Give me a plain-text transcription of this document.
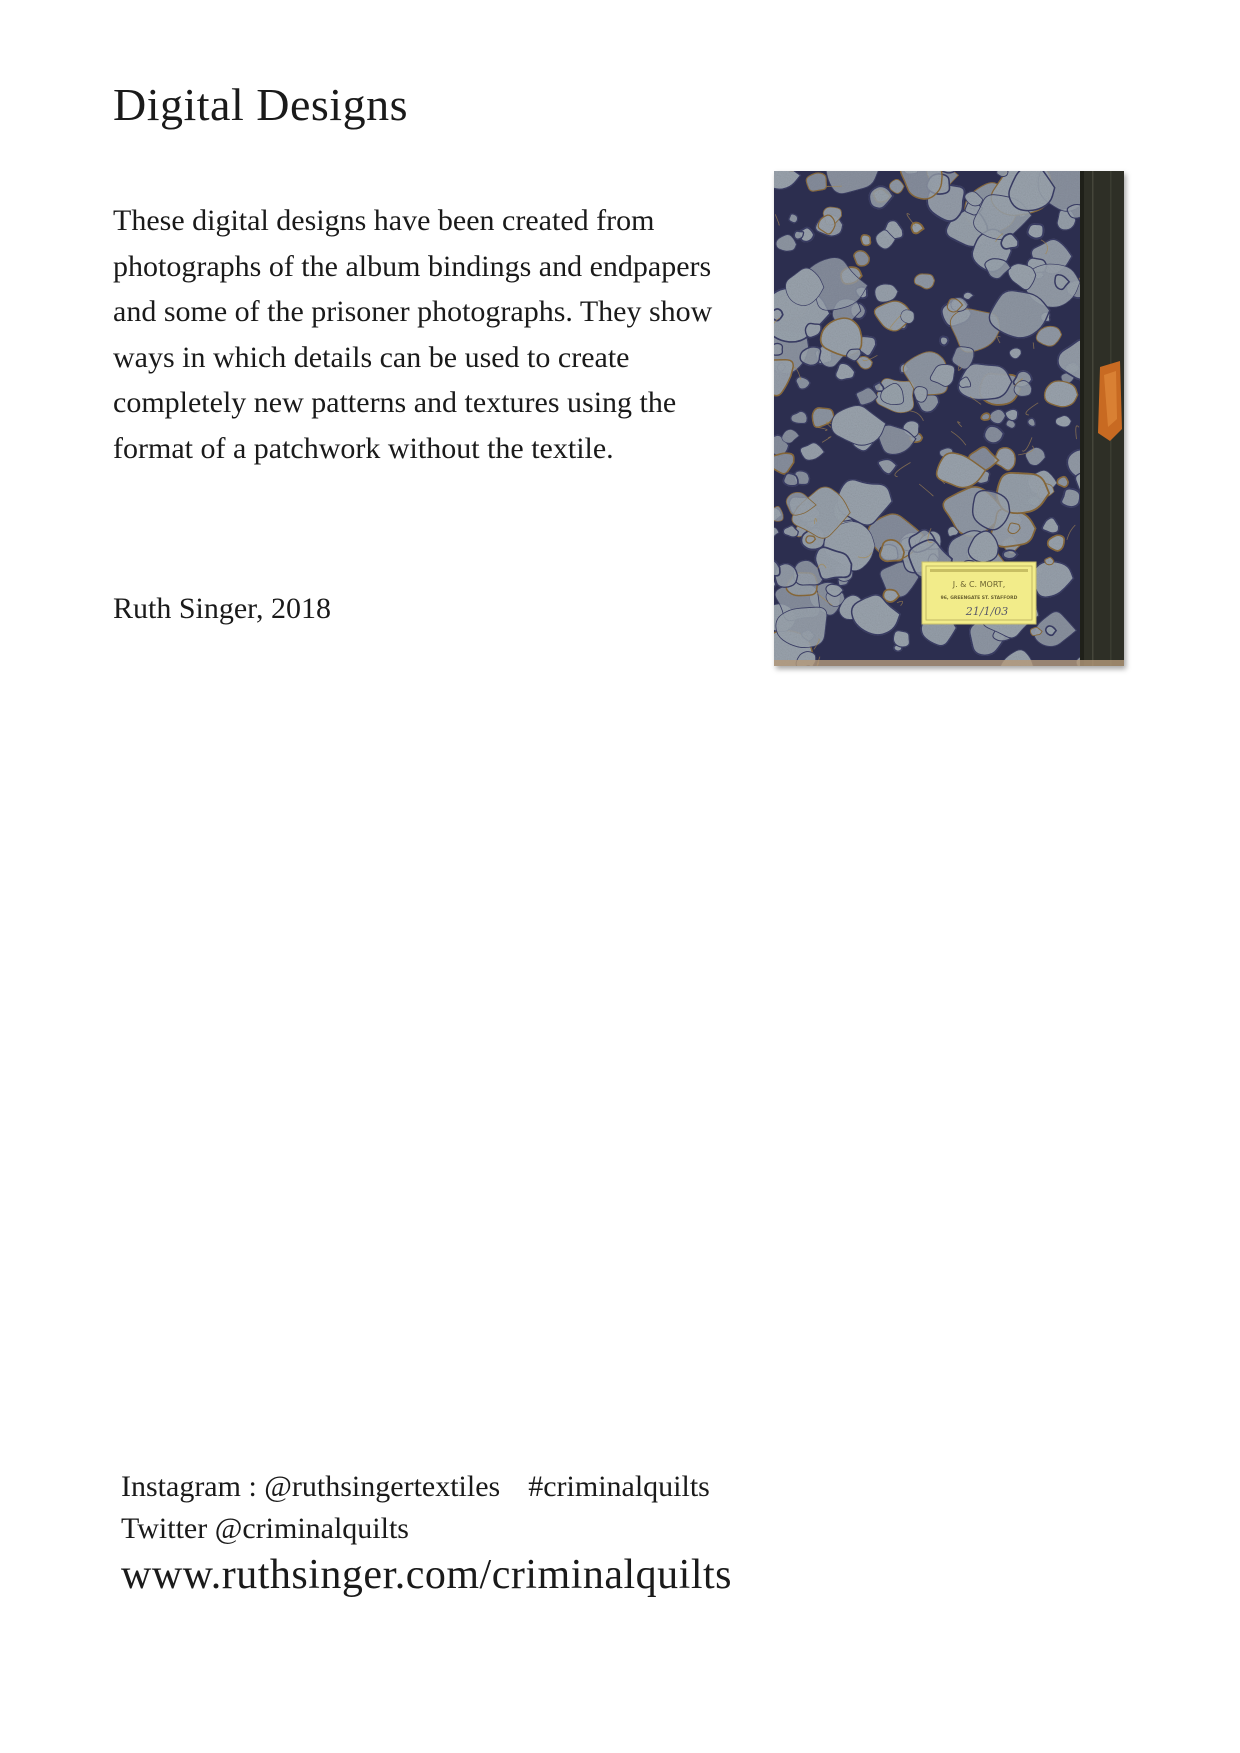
Digital Designs

These digital designs have been created from photographs of the album bindings and endpapers and some of the prisoner photographs. They show ways in which details can be used to create completely new patterns and textures using the format of a patchwork without the textile.

Ruth Singer, 2018

J. & C. MORT,
96, GREENGATE ST. STAFFORD
21/1/03
Instagram : @ruthsingertextiles #criminalquilts
Twitter @criminalquilts
www.ruthsinger.com/criminalquilts
